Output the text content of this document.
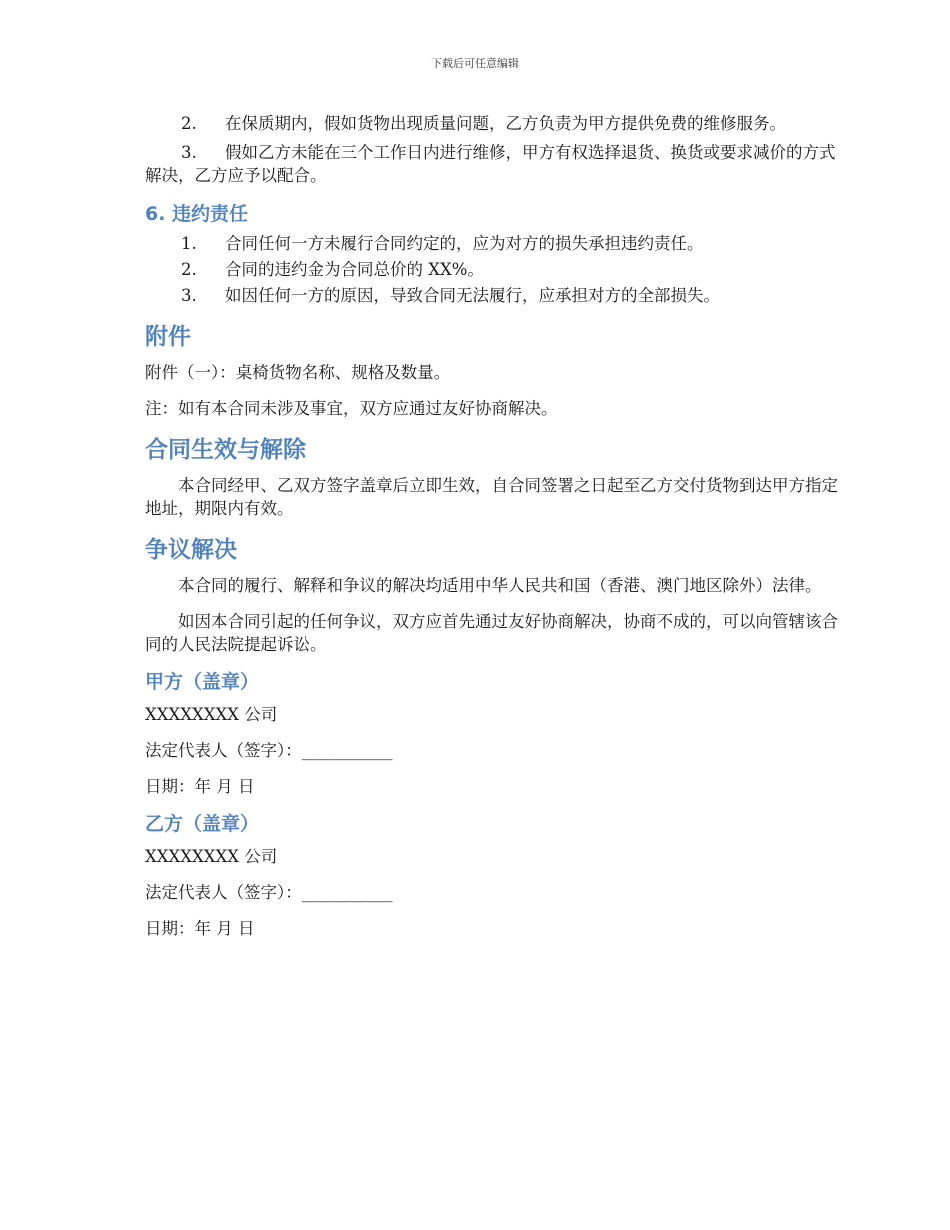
下载后可任意编辑

2. 在保质期内，假如货物出现质量问题，乙方负责为甲方提供免费的维修服务。

3. 假如乙方未能在三个工作日内进行维修，甲方有权选择退货、换货或要求减价的方式解决，乙方应予以配合。

6. 违约责任

1. 合同任何一方未履行合同约定的，应为对方的损失承担违约责任。

2. 合同的违约金为合同总价的 XX%。

3. 如因任何一方的原因，导致合同无法履行，应承担对方的全部损失。

附件

附件（一）：桌椅货物名称、规格及数量。

注：如有本合同未涉及事宜，双方应通过友好协商解决。

合同生效与解除

本合同经甲、乙双方签字盖章后立即生效，自合同签署之日起至乙方交付货物到达甲方指定地址，期限内有效。

争议解决

本合同的履行、解释和争议的解决均适用中华人民共和国（香港、澳门地区除外）法律。

如因本合同引起的任何争议，双方应首先通过友好协商解决，协商不成的，可以向管辖该合同的人民法院提起诉讼。

甲方（盖章）

XXXXXXXX 公司

法定代表人（签字）：___________

日期：年 月 日

乙方（盖章）

XXXXXXXX 公司

法定代表人（签字）：___________

日期：年 月 日
